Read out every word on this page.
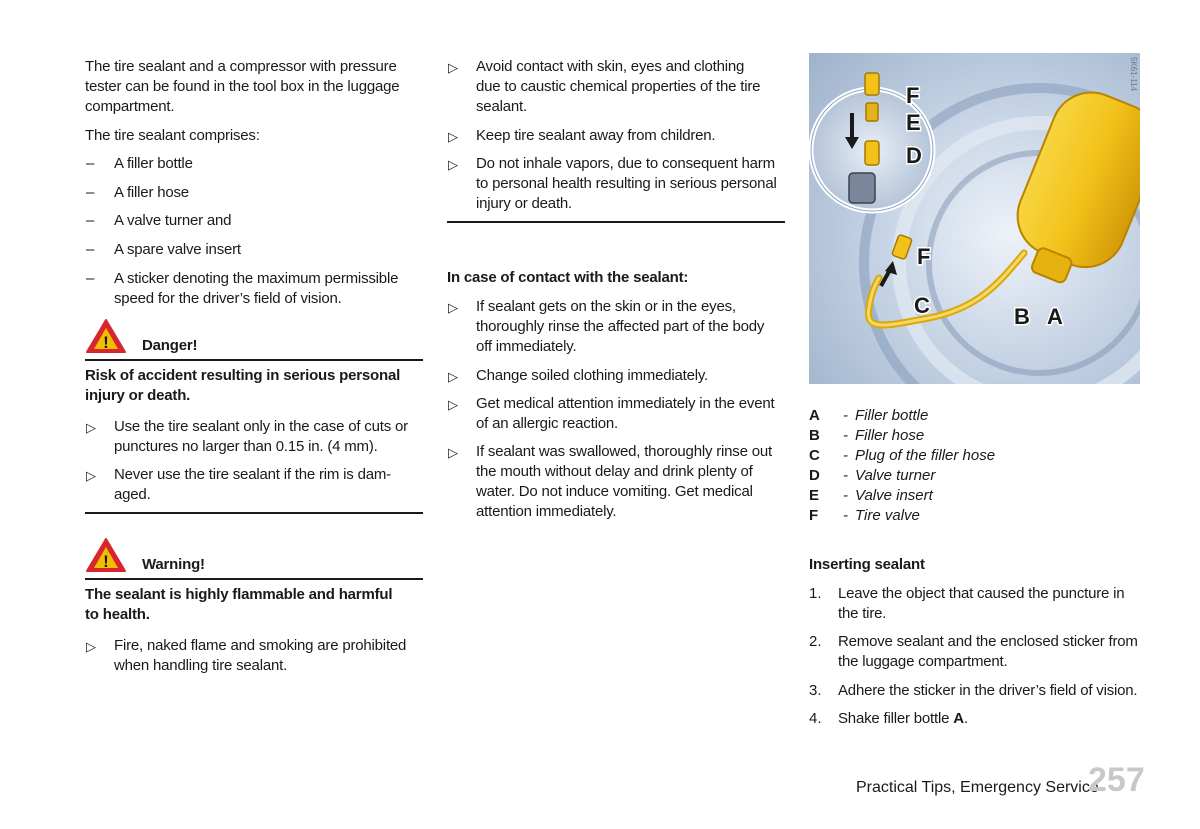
The tire sealant and a compressor with pressure
tester can be found in the tool box in the luggage
compartment.
The tire sealant comprises:
– A filler bottle
– A filler hose
– A valve turner and
– A spare valve insert
– A sticker denoting the maximum permissible
speed for the driver’s field of vision.
! Danger!
Risk of accident resulting in serious personal
injury or death.
▷ Use the tire sealant only in the case of cuts or
punctures no larger than 0.15 in. (4 mm).
▷ Never use the tire sealant if the rim is dam-
aged.
! Warning!
The sealant is highly flammable and harmful
to health.
▷ Fire, naked flame and smoking are prohibited
when handling tire sealant.
▷ Avoid contact with skin, eyes and clothing
due to caustic chemical properties of the tire
sealant.
▷ Keep tire sealant away from children.
▷ Do not inhale vapors, due to consequent harm
to personal health resulting in serious personal
injury or death.
In case of contact with the sealant:
▷ If sealant gets on the skin or in the eyes,
thoroughly rinse the affected part of the body
off immediately.
▷ Change soiled clothing immediately.
▷ Get medical attention immediately in the event
of an allergic reaction.
▷ If sealant was swallowed, thoroughly rinse out
the mouth without delay and drink plenty of
water. Do not induce vomiting. Get medical
attention immediately.
F
E
D
F
C	B A
5K61-114
A - Filler bottle
B - Filler hose
C - Plug of the filler hose
D - Valve turner
E - Valve insert
F - Tire valve
Inserting sealant
1. Leave the object that caused the puncture in
the tire.
2. Remove sealant and the enclosed sticker from
the luggage compartment.
3. Adhere the sticker in the driver’s field of vision.
4. Shake filler bottle A.
Practical Tips, Emergency Service
257
